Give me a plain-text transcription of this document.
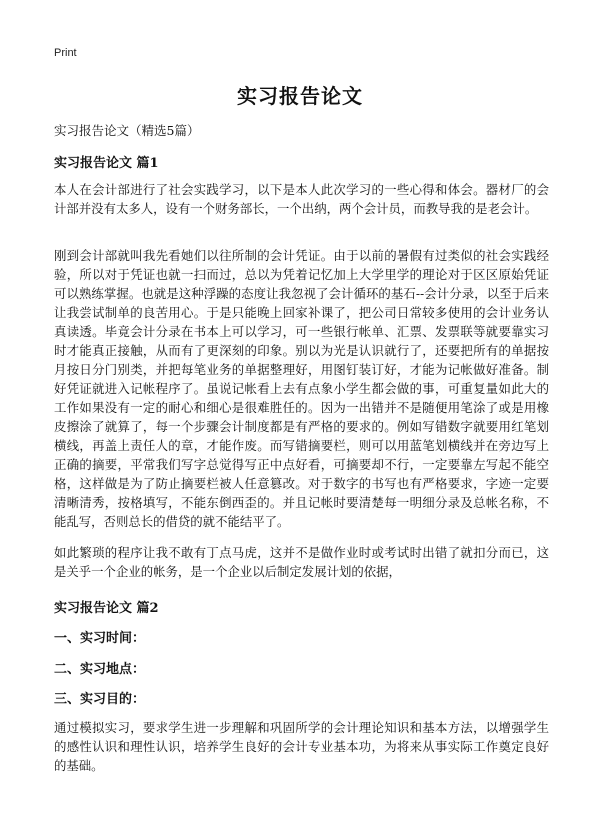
Print
实习报告论文
实习报告论文（精选5篇）
实习报告论文 篇1

本人在会计部进行了社会实践学习，以下是本人此次学习的一些心得和体会。器材厂的会计部并没有太多人，设有一个财务部长，一个出纳，两个会计员，而教导我的是老会计。

刚到会计部就叫我先看她们以往所制的会计凭证。由于以前的暑假有过类似的社会实践经验，所以对于凭证也就一扫而过，总以为凭着记忆加上大学里学的理论对于区区原始凭证可以熟练掌握。也就是这种浮躁的态度让我忽视了会计循环的基石--会计分录，以至于后来让我尝试制单的良苦用心。于是只能晚上回家补课了，把公司日常较多使用的会计业务认真读透。毕竟会计分录在书本上可以学习，可一些银行帐单、汇票、发票联等就要靠实习时才能真正接触，从而有了更深刻的印象。别以为光是认识就行了，还要把所有的单据按月按日分门别类，并把每笔业务的单据整理好，用图钉装订好，才能为记帐做好准备。制好凭证就进入记帐程序了。虽说记帐看上去有点象小学生都会做的事，可重复量如此大的工作如果没有一定的耐心和细心是很难胜任的。因为一出错并不是随便用笔涂了或是用橡皮擦涂了就算了，每一个步骤会计制度都是有严格的要求的。例如写错数字就要用红笔划横线，再盖上责任人的章，才能作废。而写错摘要栏，则可以用蓝笔划横线并在旁边写上正确的摘要，平常我们写字总觉得写正中点好看，可摘要却不行，一定要靠左写起不能空格，这样做是为了防止摘要栏被人任意篡改。对于数字的书写也有严格要求，字迹一定要清晰清秀，按格填写，不能东倒西歪的。并且记帐时要清楚每一明细分录及总帐名称，不能乱写，否则总长的借贷的就不能结平了。

如此繁琐的程序让我不敢有丁点马虎，这并不是做作业时或考试时出错了就扣分而已，这是关乎一个企业的帐务，是一个企业以后制定发展计划的依据，

实习报告论文 篇2
一、实习时间：
二、实习地点：
三、实习目的：

通过模拟实习，要求学生进一步理解和巩固所学的会计理论知识和基本方法，以增强学生的感性认识和理性认识，培养学生良好的会计专业基本功，为将来从事实际工作奠定良好的基础。
